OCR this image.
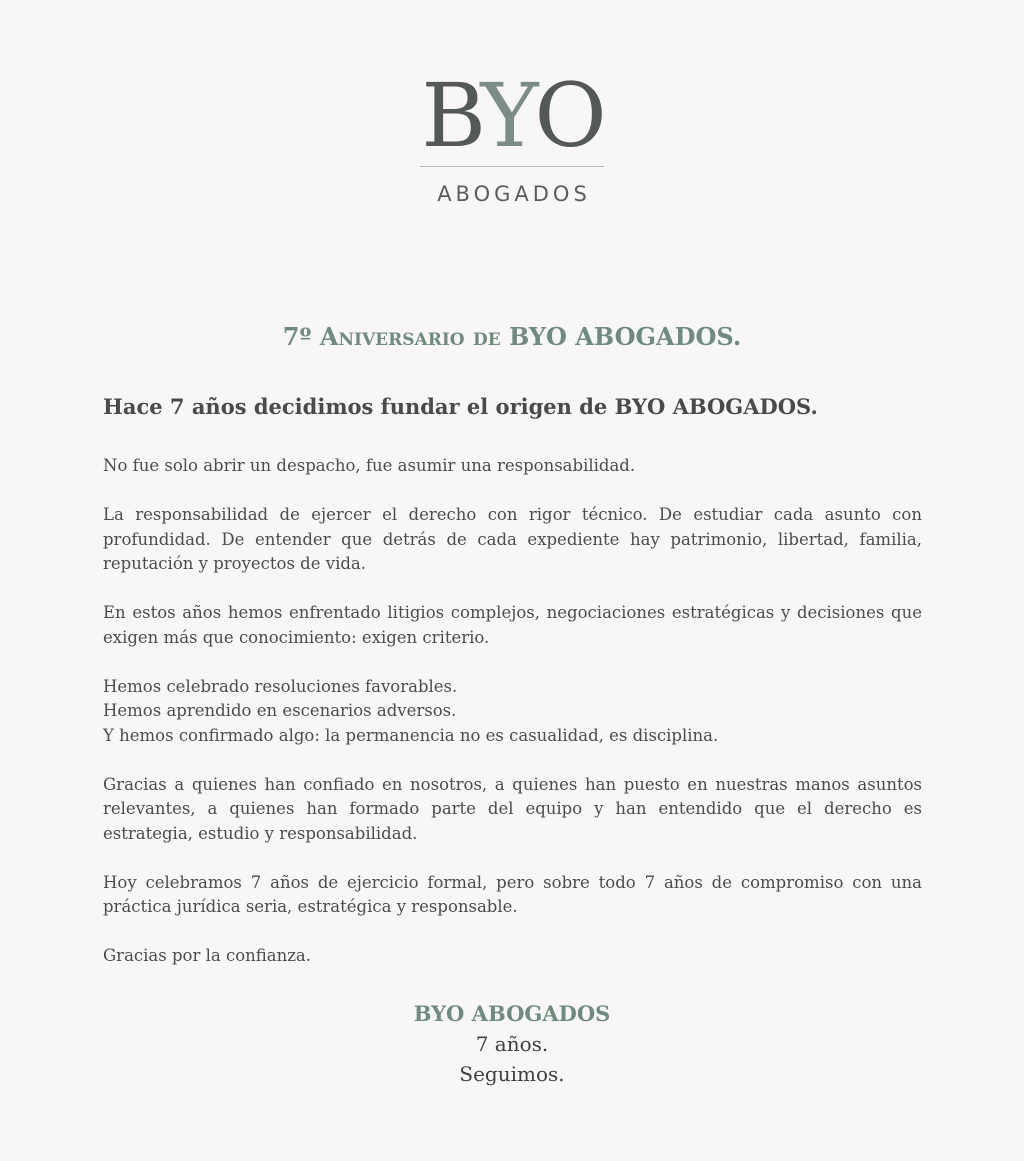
BYO
ABOGADOS
7º Aniversario de BYO ABOGADOS.
Hace 7 años decidimos fundar el origen de BYO ABOGADOS.

No fue solo abrir un despacho, fue asumir una responsabilidad.

La responsabilidad de ejercer el derecho con rigor técnico. De estudiar cada asunto con profundidad. De entender que detrás de cada expediente hay patrimonio, libertad, familia, reputación y proyectos de vida.

En estos años hemos enfrentado litigios complejos, negociaciones estratégicas y decisiones que exigen más que conocimiento: exigen criterio.

Hemos celebrado resoluciones favorables.
Hemos aprendido en escenarios adversos.
Y hemos confirmado algo: la permanencia no es casualidad, es disciplina.

Gracias a quienes han confiado en nosotros, a quienes han puesto en nuestras manos asuntos relevantes, a quienes han formado parte del equipo y han entendido que el derecho es estrategia, estudio y responsabilidad.

Hoy celebramos 7 años de ejercicio formal, pero sobre todo 7 años de compromiso con una práctica jurídica seria, estratégica y responsable.

Gracias por la confianza.

BYO ABOGADOS
7 años.
Seguimos.
